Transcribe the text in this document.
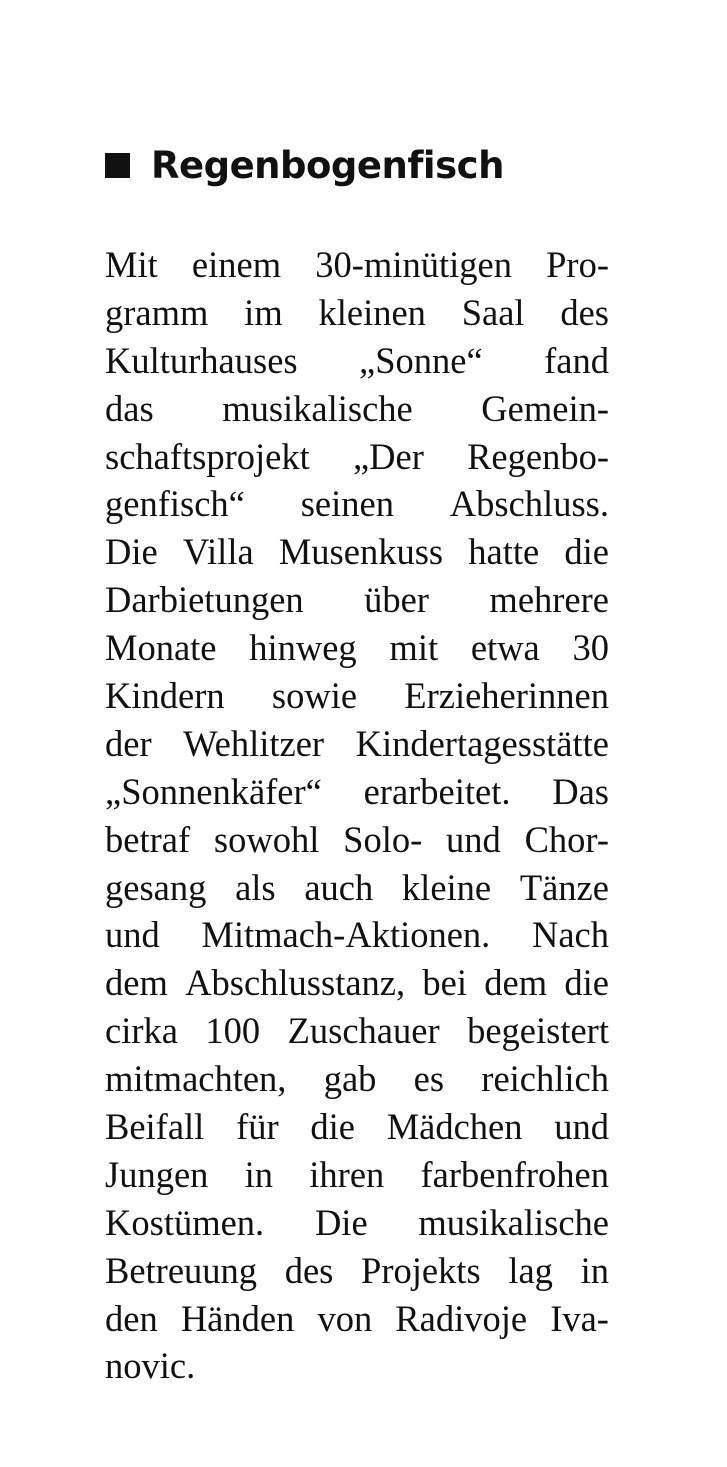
Regenbogenfisch
Mit einem 30-minütigen Pro-
gramm im kleinen Saal des
Kulturhauses „Sonne“ fand
das musikalische Gemein-
schaftsprojekt „Der Regenbo-
genfisch“ seinen Abschluss.
Die Villa Musenkuss hatte die
Darbietungen über mehrere
Monate hinweg mit etwa 30
Kindern sowie Erzieherinnen
der Wehlitzer Kindertagesstätte
„Sonnenkäfer“ erarbeitet. Das
betraf sowohl Solo- und Chor-
gesang als auch kleine Tänze
und Mitmach-Aktionen. Nach
dem Abschlusstanz, bei dem die
cirka 100 Zuschauer begeistert
mitmachten, gab es reichlich
Beifall für die Mädchen und
Jungen in ihren farbenfrohen
Kostümen. Die musikalische
Betreuung des Projekts lag in
den Händen von Radivoje Iva-
novic.
